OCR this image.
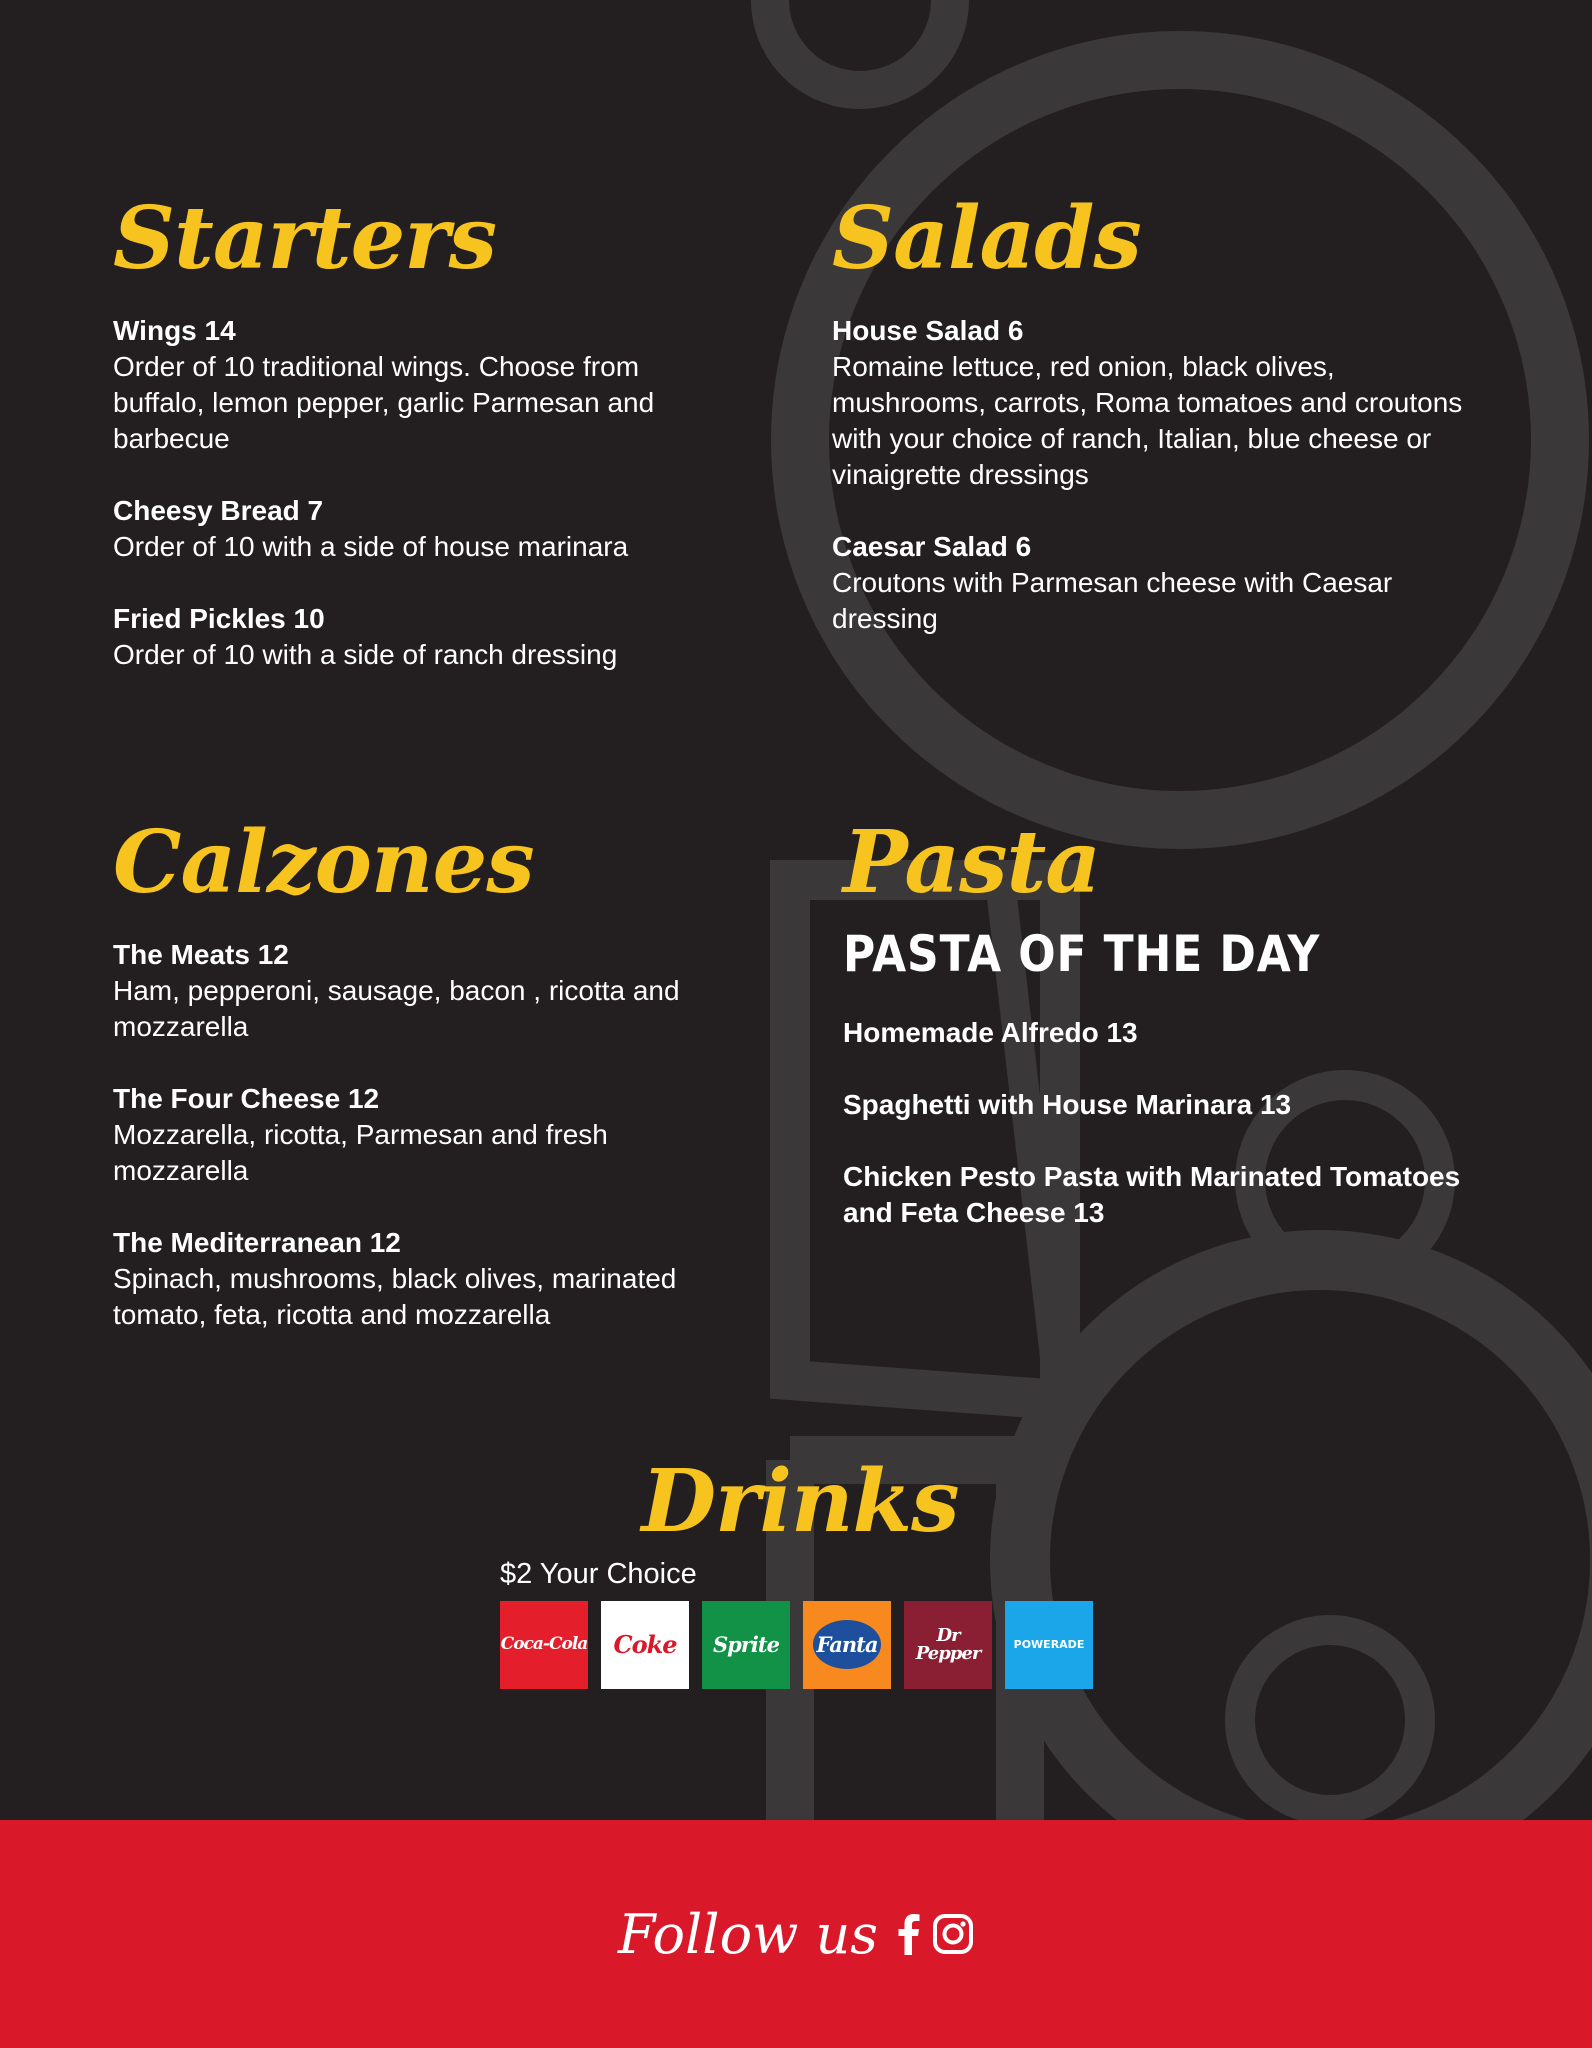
Starters
Wings 14
Order of 10 traditional wings. Choose from buffalo, lemon pepper, garlic Parmesan and barbecue
Cheesy Bread 7
Order of 10 with a side of house marinara
Fried Pickles 10
Order of 10 with a side of ranch dressing
Salads
House Salad 6
Romaine lettuce, red onion, black olives, mushrooms, carrots, Roma tomatoes and croutons with your choice of ranch, Italian, blue cheese or vinaigrette dressings
Caesar Salad 6
Croutons with Parmesan cheese with Caesar dressing
Calzones
The Meats 12
Ham, pepperoni, sausage, bacon , ricotta and mozzarella
The Four Cheese 12
Mozzarella, ricotta, Parmesan and fresh mozzarella
The Mediterranean 12
Spinach, mushrooms, black olives, marinated tomato, feta, ricotta and mozzarella
Pasta
PASTA OF THE DAY
Homemade Alfredo 13
Spaghetti with House Marinara 13
Chicken Pesto Pasta with Marinated Tomatoes and Feta Cheese 13
Drinks
$2 Your Choice
Coca-Cola Coke Sprite Fanta	Dr Pepper	POWERADE
Follow us
